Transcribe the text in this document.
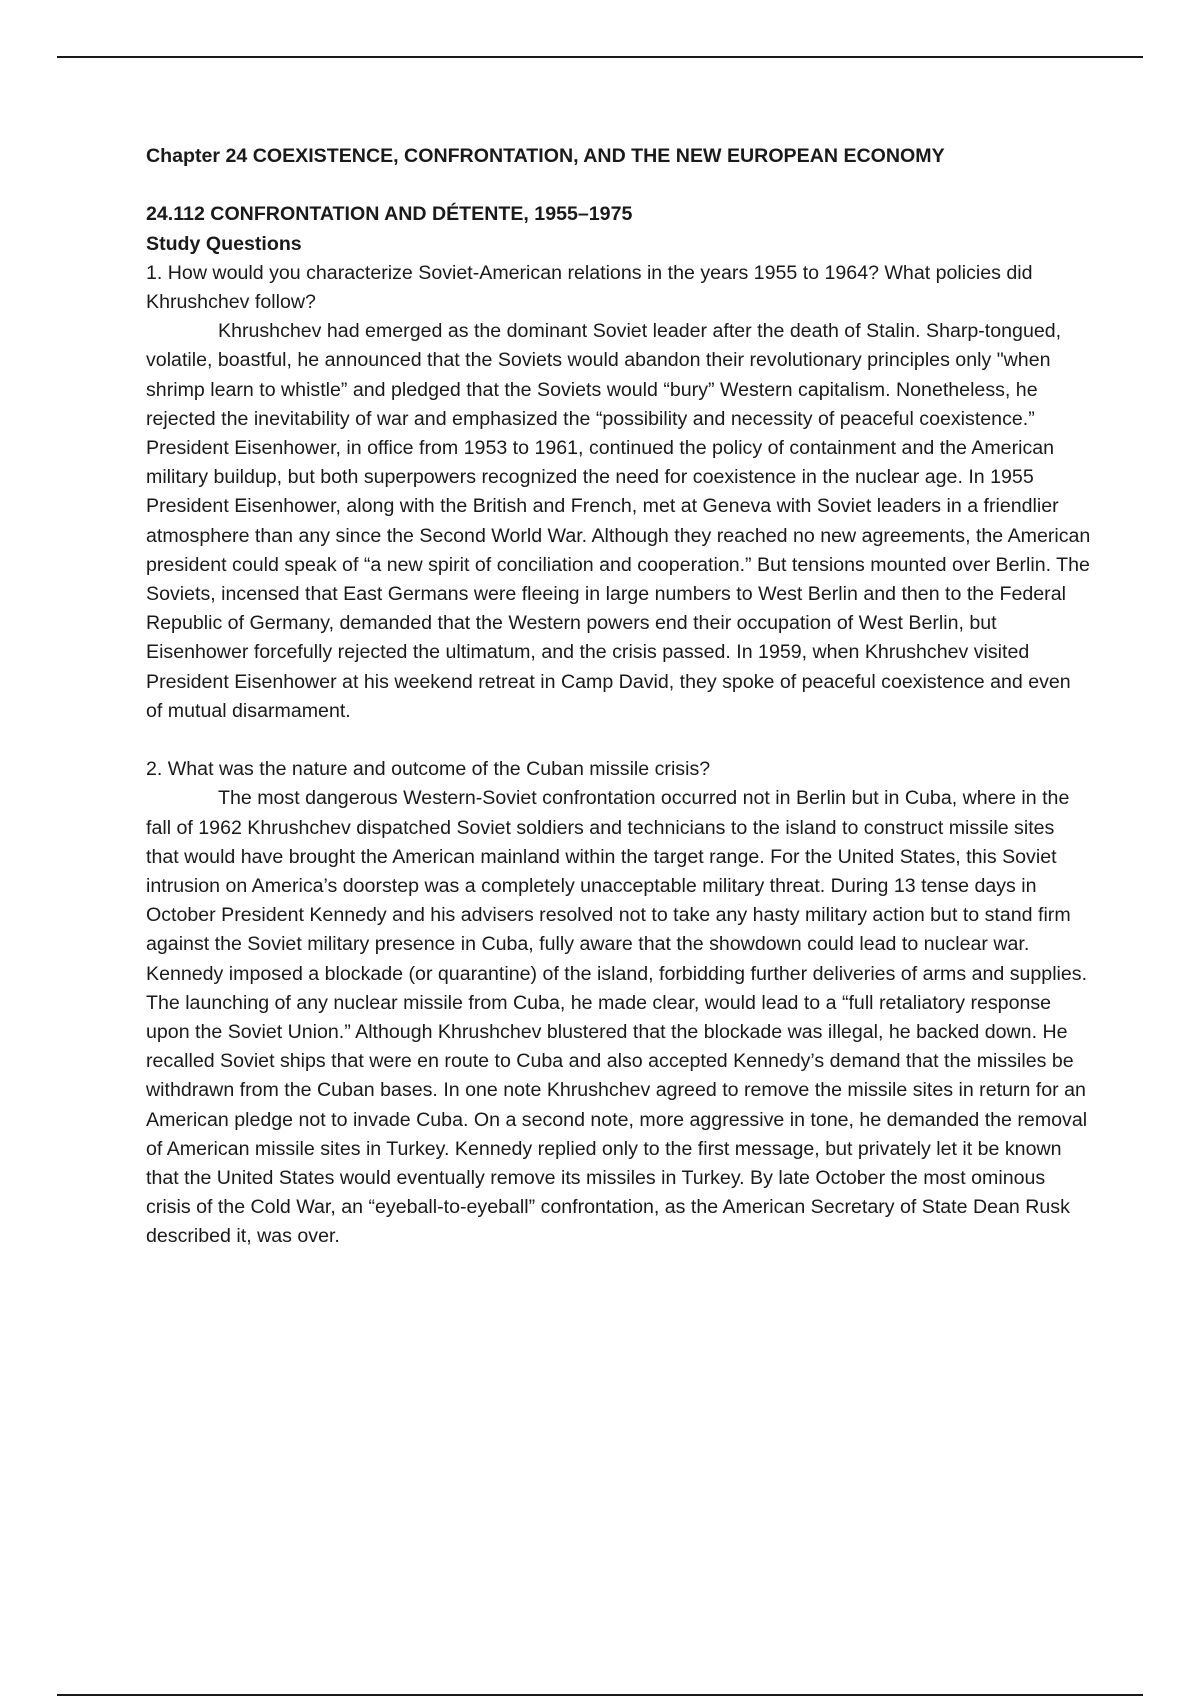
Chapter 24 COEXISTENCE, CONFRONTATION, AND THE NEW EUROPEAN ECONOMY
24.112 CONFRONTATION AND DÉTENTE, 1955–1975
Study Questions

1. How would you characterize Soviet-American relations in the years 1955 to 1964? What policies did Khrushchev follow?

Khrushchev had emerged as the dominant Soviet leader after the death of Stalin. Sharp-tongued, volatile, boastful, he announced that the Soviets would abandon their revolutionary principles only "when shrimp learn to whistle” and pledged that the Soviets would “bury” Western capitalism. Nonetheless, he rejected the inevitability of war and emphasized the “possibility and necessity of peaceful coexistence.” President Eisenhower, in office from 1953 to 1961, continued the policy of containment and the American military buildup, but both superpowers recognized the need for coexistence in the nuclear age. In 1955 President Eisenhower, along with the British and French, met at Geneva with Soviet leaders in a friendlier atmosphere than any since the Second World War. Although they reached no new agreements, the American president could speak of “a new spirit of conciliation and cooperation.” But tensions mounted over Berlin. The Soviets, incensed that East Germans were fleeing in large numbers to West Berlin and then to the Federal Republic of Germany, demanded that the Western powers end their occupation of West Berlin, but Eisenhower forcefully rejected the ultimatum, and the crisis passed. In 1959, when Khrushchev visited President Eisenhower at his weekend retreat in Camp David, they spoke of peaceful coexistence and even of mutual disarmament.

2. What was the nature and outcome of the Cuban missile crisis?

The most dangerous Western-Soviet confrontation occurred not in Berlin but in Cuba, where in the fall of 1962 Khrushchev dispatched Soviet soldiers and technicians to the island to construct missile sites that would have brought the American mainland within the target range. For the United States, this Soviet intrusion on America’s doorstep was a completely unacceptable military threat. During 13 tense days in October President Kennedy and his advisers resolved not to take any hasty military action but to stand firm against the Soviet military presence in Cuba, fully aware that the showdown could lead to nuclear war. Kennedy imposed a blockade (or quarantine) of the island, forbidding further deliveries of arms and supplies. The launching of any nuclear missile from Cuba, he made clear, would lead to a “full retaliatory response upon the Soviet Union.” Although Khrushchev blustered that the blockade was illegal, he backed down. He recalled Soviet ships that were en route to Cuba and also accepted Kennedy’s demand that the missiles be withdrawn from the Cuban bases. In one note Khrushchev agreed to remove the missile sites in return for an American pledge not to invade Cuba. On a second note, more aggressive in tone, he demanded the removal of American missile sites in Turkey. Kennedy replied only to the first message, but privately let it be known that the United States would eventually remove its missiles in Turkey. By late October the most ominous crisis of the Cold War, an “eyeball-to-eyeball” confrontation, as the American Secretary of State Dean Rusk described it, was over.
